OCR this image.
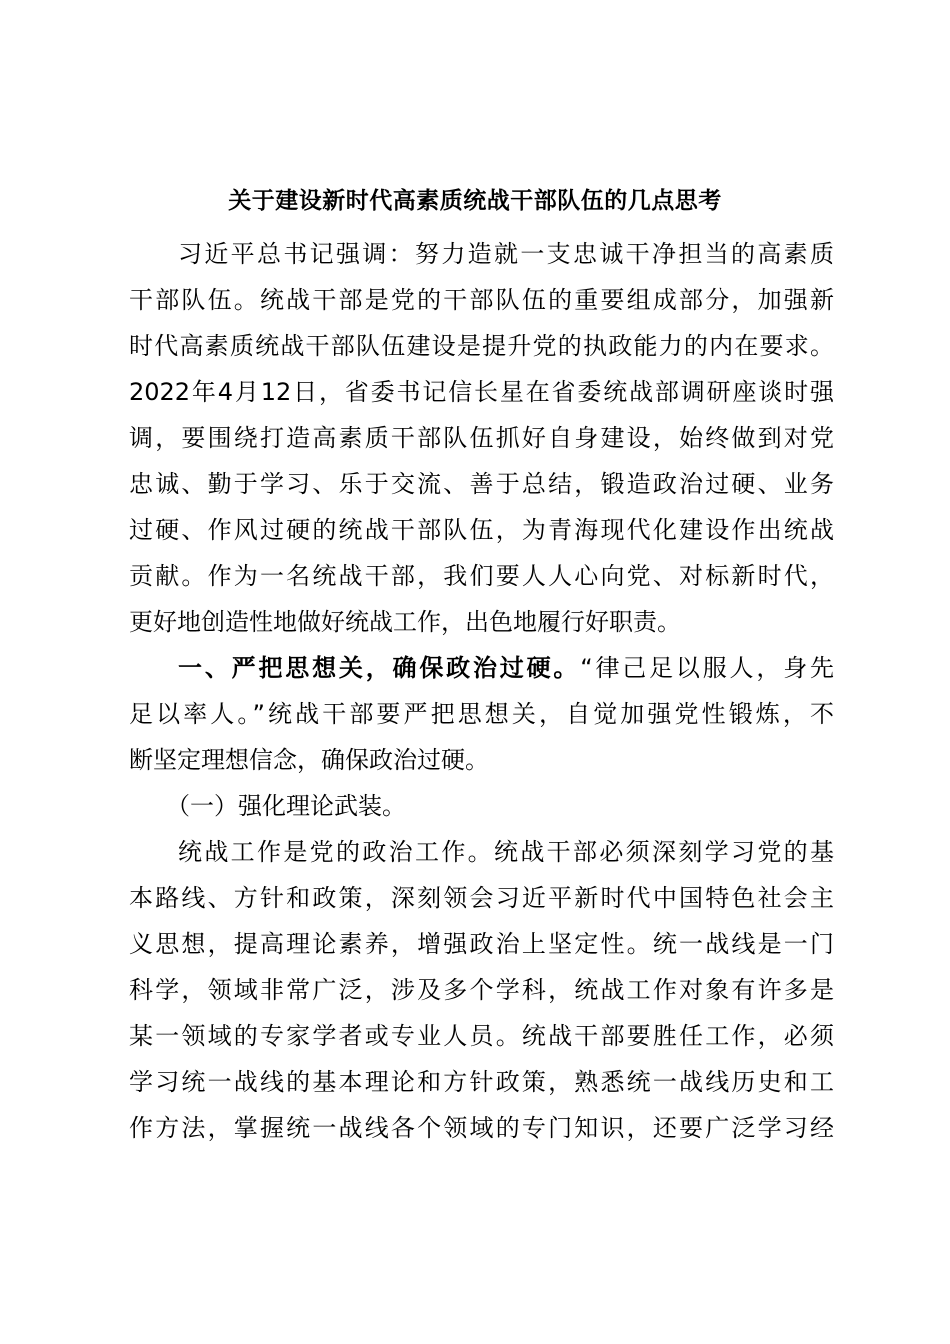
关于建设新时代高素质统战干部队伍的几点思考

习近平总书记强调：努力造就一支忠诚干净担当的高素质

干部队伍。统战干部是党的干部队伍的重要组成部分，加强新

时代高素质统战干部队伍建设是提升党的执政能力的内在要求。

2022年4月12日，省委书记信长星在省委统战部调研座谈时强

调，要围绕打造高素质干部队伍抓好自身建设，始终做到对党

忠诚、勤于学习、乐于交流、善于总结，锻造政治过硬、业务

过硬、作风过硬的统战干部队伍，为青海现代化建设作出统战

贡献。作为一名统战干部，我们要人人心向党、对标新时代，

更好地创造性地做好统战工作，出色地履行好职责。

一、严把思想关，确保政治过硬。“律己足以服人，身先

足以率人。”统战干部要严把思想关，自觉加强党性锻炼，不

断坚定理想信念，确保政治过硬。

（一）强化理论武装。

统战工作是党的政治工作。统战干部必须深刻学习党的基

本路线、方针和政策，深刻领会习近平新时代中国特色社会主

义思想，提高理论素养，增强政治上坚定性。统一战线是一门

科学，领域非常广泛，涉及多个学科，统战工作对象有许多是

某一领域的专家学者或专业人员。统战干部要胜任工作，必须

学习统一战线的基本理论和方针政策，熟悉统一战线历史和工

作方法，掌握统一战线各个领域的专门知识，还要广泛学习经
